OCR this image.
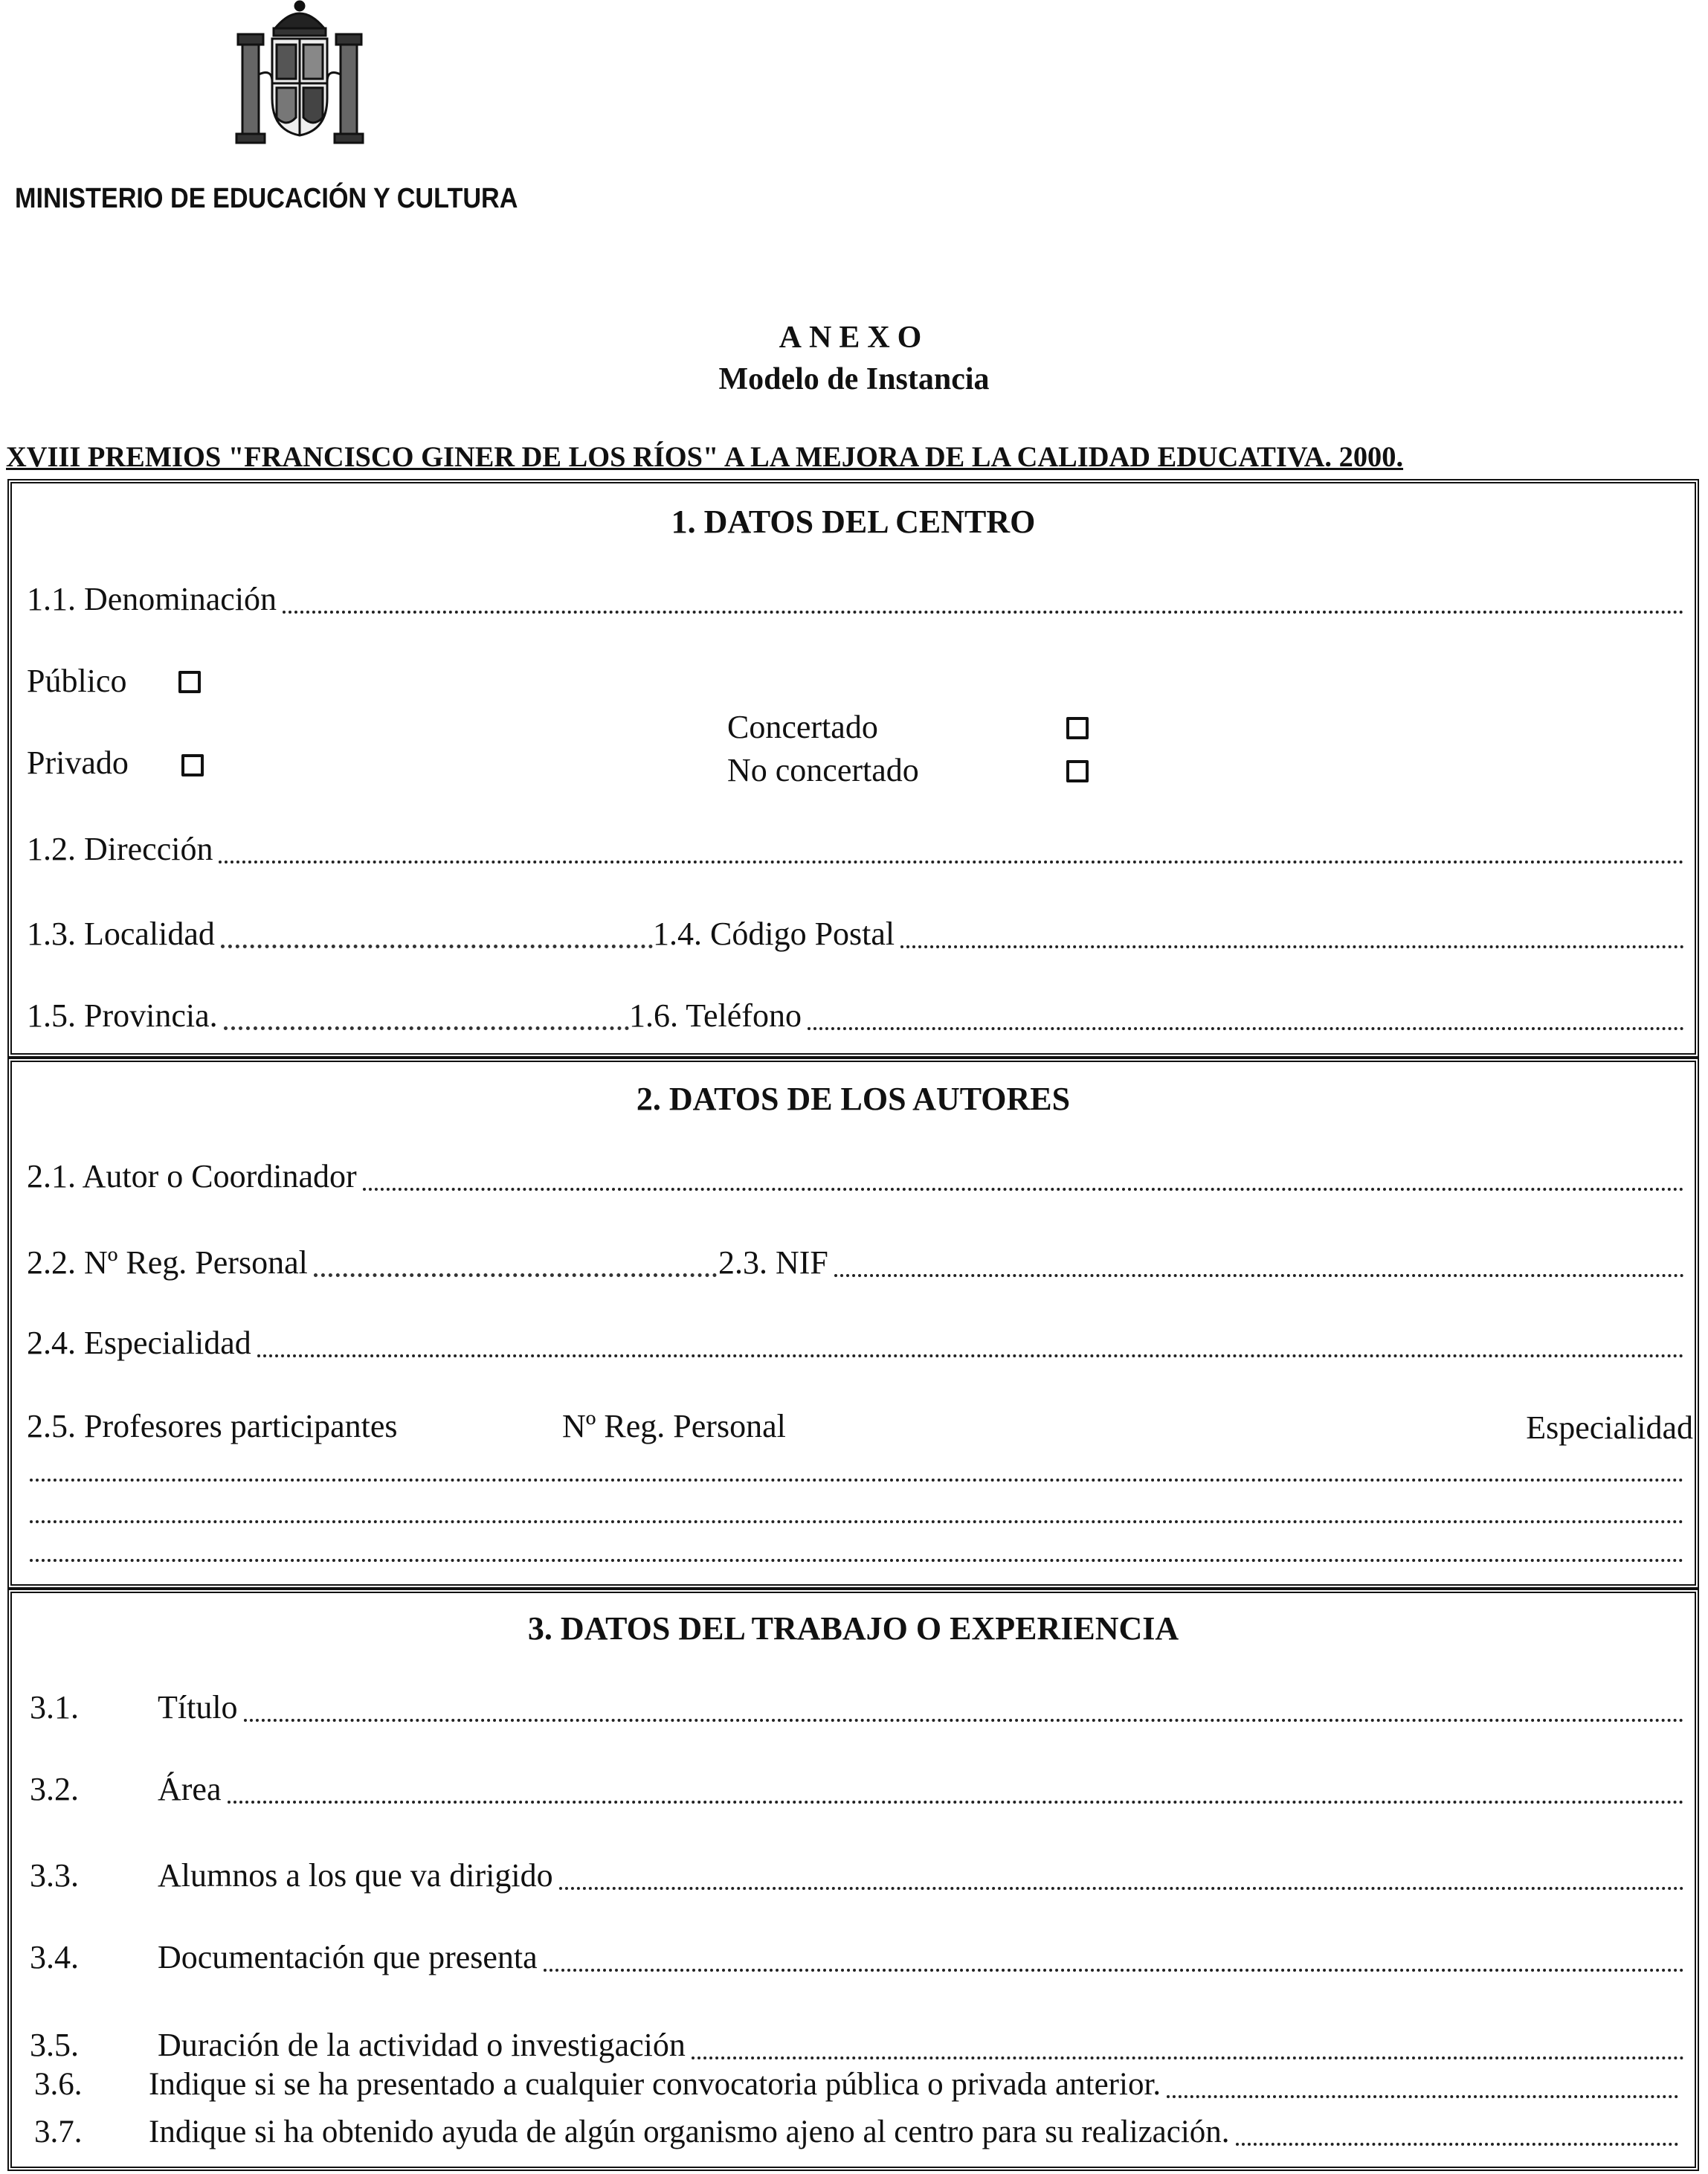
MINISTERIO DE EDUCACIÓN Y CULTURA
ANEXO
Modelo de Instancia
XVIII PREMIOS "FRANCISCO GINER DE LOS RÍOS" A LA MEJORA DE LA CALIDAD EDUCATIVA. 2000.
1. DATOS DEL CENTRO
1.1. Denominación
Público
Privado
Concertado
No concertado
1.2. Dirección
1.3. Localidad	1.4. Código Postal
1.5. Provincia.	1.6. Teléfono
2. DATOS DE LOS AUTORES
2.1. Autor o Coordinador
2.2. Nº Reg. Personal	2.3. NIF
2.4. Especialidad
2.5. Profesores participantes	Nº Reg. Personal	Especialidad
3. DATOS DEL TRABAJO O EXPERIENCIA
3.1.	Título
3.2.	Área
3.3.	Alumnos a los que va dirigido
3.4.	Documentación que presenta
3.5.	Duración de la actividad o investigación
3.6.	Indique si se ha presentado a cualquier convocatoria pública o privada anterior.
3.7.	Indique si ha obtenido ayuda de algún organismo ajeno al centro para su realización.
